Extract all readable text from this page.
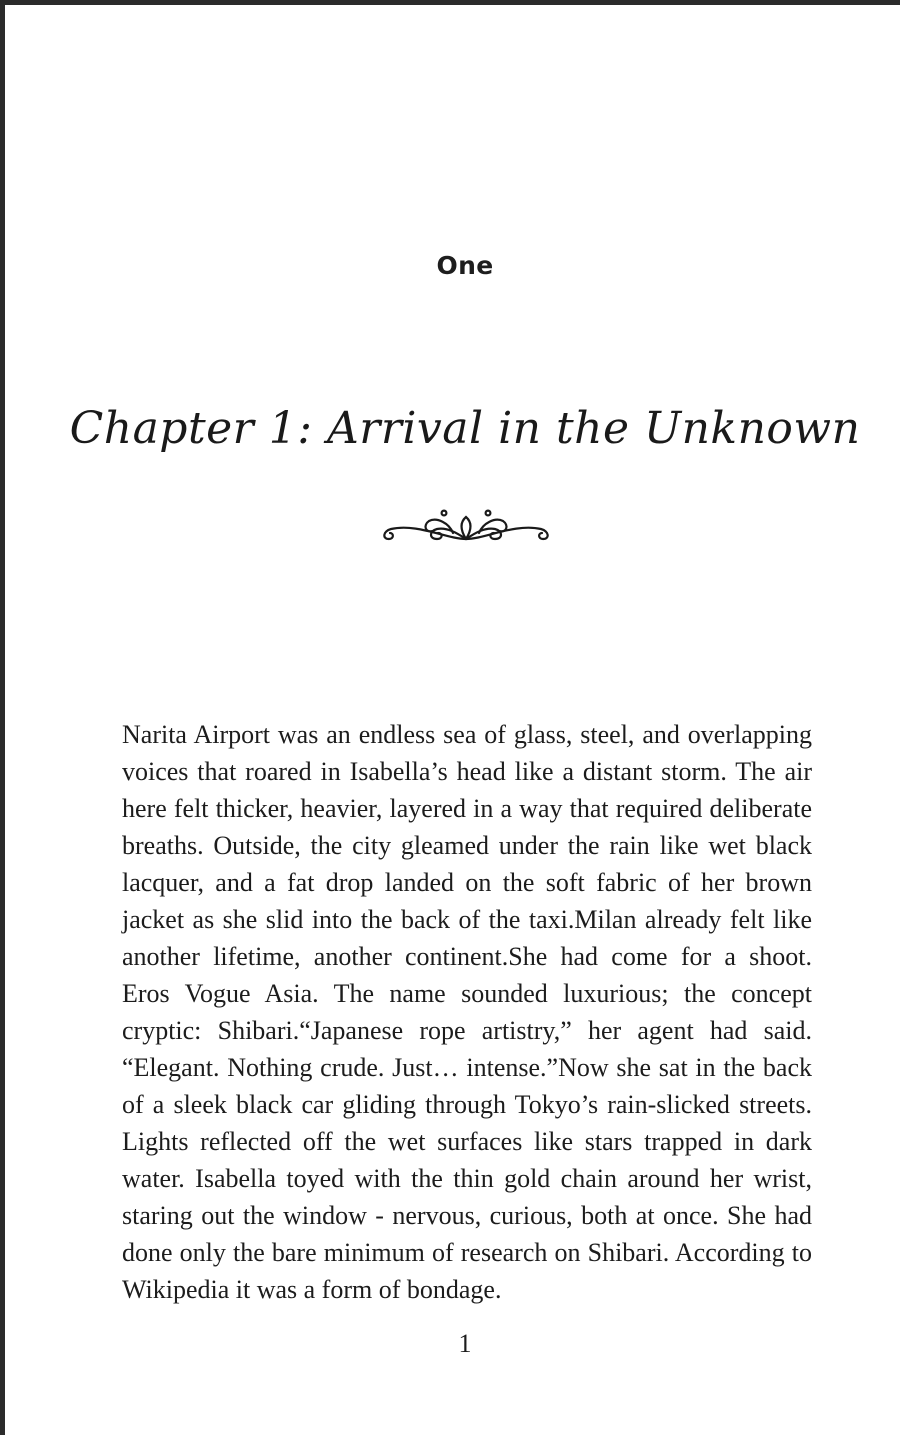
One
Chapter 1: Arrival in the Unknown

Narita Airport was an endless sea of glass, steel, and overlapping voices that roared in Isabella’s head like a distant storm. The air here felt thicker, heavier, layered in a way that required deliberate breaths. Outside, the city gleamed under the rain like wet black lacquer, and a fat drop landed on the soft fabric of her brown jacket as she slid into the back of the taxi.Milan already felt like another lifetime, another continent.She had come for a shoot. Eros Vogue Asia. The name sounded luxurious; the concept cryptic: Shibari.“Japanese rope artistry,” her agent had said. “Elegant. Nothing crude. Just… intense.”Now she sat in the back of a sleek black car gliding through Tokyo’s rain-slicked streets. Lights reflected off the wet surfaces like stars trapped in dark water. Isabella toyed with the thin gold chain around her wrist, staring out the window - nervous, curious, both at once. She had done only the bare minimum of research on Shibari. According to Wikipedia it was a form of bondage.

1
